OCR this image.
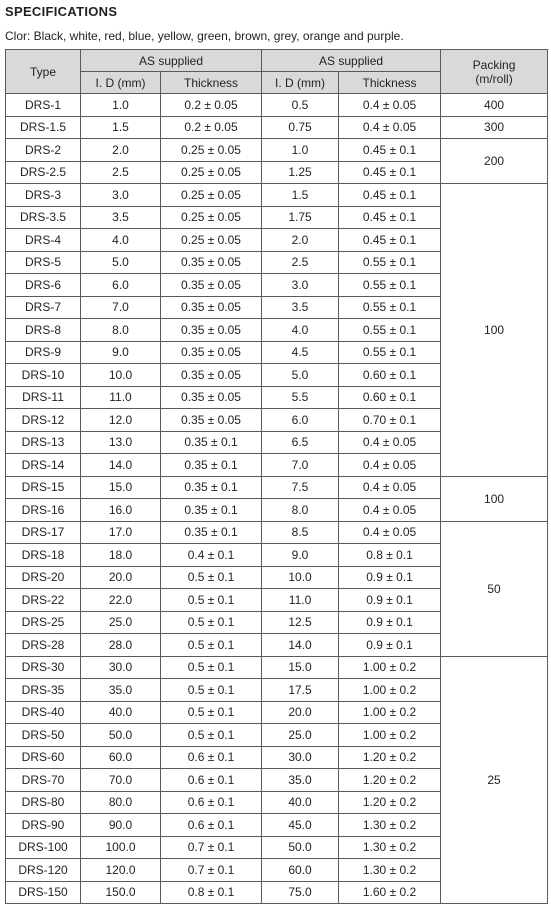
SPECIFICATIONS
Clor: Black, white, red, blue, yellow, green, brown, grey, orange and purple.
Type	AS supplied		AS supplied		Packing
(m/roll)
	I. D (mm)	Thickness	I. D (mm)	Thickness	
DRS-1	1.0	0.2 ± 0.05	0.5	0.4 ± 0.05	400
DRS-1.5	1.5	0.2 ± 0.05	0.75	0.4 ± 0.05	300
DRS-2	2.0	0.25 ± 0.05	1.0	0.45 ± 0.1	200
DRS-2.5	2.5	0.25 ± 0.05	1.25	0.45 ± 0.1	
DRS-3	3.0	0.25 ± 0.05	1.5	0.45 ± 0.1	100
DRS-3.5	3.5	0.25 ± 0.05	1.75	0.45 ± 0.1	
DRS-4	4.0	0.25 ± 0.05	2.0	0.45 ± 0.1	
DRS-5	5.0	0.35 ± 0.05	2.5	0.55 ± 0.1	
DRS-6	6.0	0.35 ± 0.05	3.0	0.55 ± 0.1	
DRS-7	7.0	0.35 ± 0.05	3.5	0.55 ± 0.1	
DRS-8	8.0	0.35 ± 0.05	4.0	0.55 ± 0.1	
DRS-9	9.0	0.35 ± 0.05	4.5	0.55 ± 0.1	
DRS-10	10.0	0.35 ± 0.05	5.0	0.60 ± 0.1	
DRS-11	11.0	0.35 ± 0.05	5.5	0.60 ± 0.1	
DRS-12	12.0	0.35 ± 0.05	6.0	0.70 ± 0.1	
DRS-13	13.0	0.35 ± 0.1	6.5	0.4 ± 0.05	
DRS-14	14.0	0.35 ± 0.1	7.0	0.4 ± 0.05	
DRS-15	15.0	0.35 ± 0.1	7.5	0.4 ± 0.05	100
DRS-16	16.0	0.35 ± 0.1	8.0	0.4 ± 0.05	
DRS-17	17.0	0.35 ± 0.1	8.5	0.4 ± 0.05	50
DRS-18	18.0	0.4 ± 0.1	9.0	0.8 ± 0.1	
DRS-20	20.0	0.5 ± 0.1	10.0	0.9 ± 0.1	
DRS-22	22.0	0.5 ± 0.1	11.0	0.9 ± 0.1	
DRS-25	25.0	0.5 ± 0.1	12.5	0.9 ± 0.1	
DRS-28	28.0	0.5 ± 0.1	14.0	0.9 ± 0.1	
DRS-30	30.0	0.5 ± 0.1	15.0	1.00 ± 0.2	25
DRS-35	35.0	0.5 ± 0.1	17.5	1.00 ± 0.2	
DRS-40	40.0	0.5 ± 0.1	20.0	1.00 ± 0.2	
DRS-50	50.0	0.5 ± 0.1	25.0	1.00 ± 0.2	
DRS-60	60.0	0.6 ± 0.1	30.0	1.20 ± 0.2	
DRS-70	70.0	0.6 ± 0.1	35.0	1.20 ± 0.2	
DRS-80	80.0	0.6 ± 0.1	40.0	1.20 ± 0.2	
DRS-90	90.0	0.6 ± 0.1	45.0	1.30 ± 0.2	
DRS-100	100.0	0.7 ± 0.1	50.0	1.30 ± 0.2	
DRS-120	120.0	0.7 ± 0.1	60.0	1.30 ± 0.2	
DRS-150	150.0	0.8 ± 0.1	75.0	1.60 ± 0.2	
